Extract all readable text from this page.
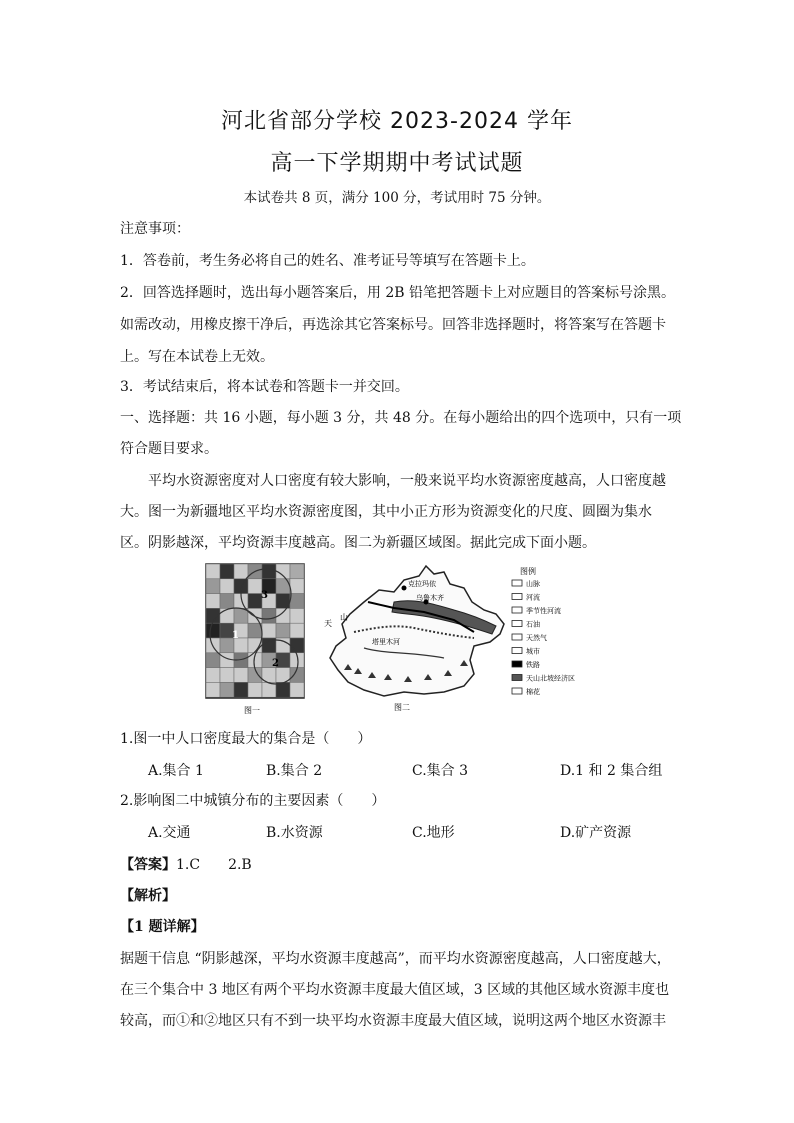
河北省部分学校 2023-2024 学年
高一下学期期中考试试题
本试卷共 8 页，满分 100 分，考试用时 75 分钟。
注意事项：
1．答卷前，考生务必将自己的姓名、准考证号等填写在答题卡上。
2．回答选择题时，选出每小题答案后，用 2B 铅笔把答题卡上对应题目的答案标号涂黑。
如需改动，用橡皮擦干净后，再选涂其它答案标号。回答非选择题时，将答案写在答题卡
上。写在本试卷上无效。
3．考试结束后，将本试卷和答题卡一并交回。
一、选择题：共 16 小题，每小题 3 分，共 48 分。在每小题给出的四个选项中，只有一项
符合题目要求。
平均水资源密度对人口密度有较大影响，一般来说平均水资源密度越高，人口密度越
大。图一为新疆地区平均水资源密度图，其中小正方形为资源变化的尺度、圆圈为集水
区。阴影越深，平均资源丰度越高。图二为新疆区域图。据此完成下面小题。
1
2
3
图一
克拉玛依
乌鲁木齐
塔里木河
天
山
图二
图例
山脉
河流
季节性河流
石油
天然气
城市
铁路
天山北坡经济区
棉花
1.图一中人口密度最大的集合是（　　）
A.集合 1	B.集合 2	C.集合 3	D.1 和 2 集合组
2.影响图二中城镇分布的主要因素（　　）
A.交通	B.水资源	C.地形	D.矿产资源
【答案】1.C　　2.B
【解析】
【1 题详解】
据题干信息 “阴影越深，平均水资源丰度越高”，而平均水资源密度越高，人口密度越大，
在三个集合中 3 地区有两个平均水资源丰度最大值区域，3 区域的其他区域水资源丰度也
较高，而①和②地区只有不到一块平均水资源丰度最大值区域，说明这两个地区水资源丰
